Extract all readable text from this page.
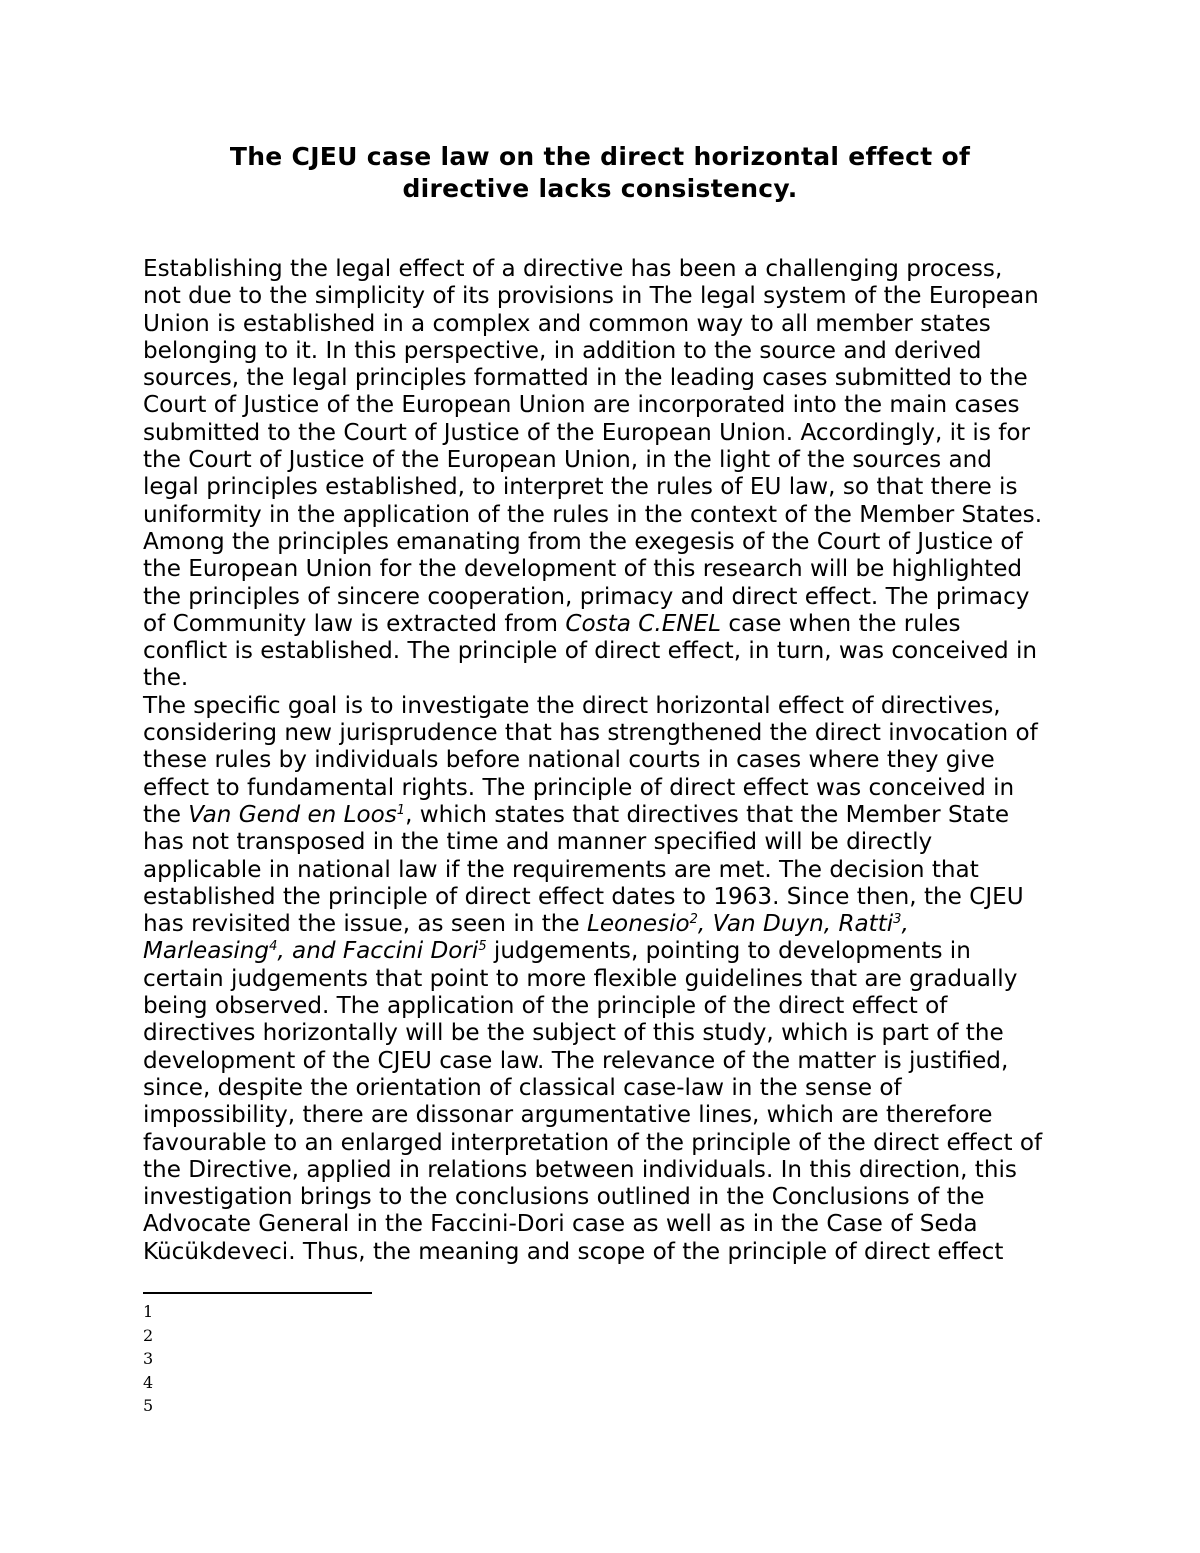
The CJEU case law on the direct horizontal effect of
directive lacks consistency.
Establishing the legal effect of a directive has been a challenging process,
not due to the simplicity of its provisions in The legal system of the European
Union is established in a complex and common way to all member states
belonging to it. In this perspective, in addition to the source and derived
sources, the legal principles formatted in the leading cases submitted to the
Court of Justice of the European Union are incorporated into the main cases
submitted to the Court of Justice of the European Union. Accordingly, it is for
the Court of Justice of the European Union, in the light of the sources and
legal principles established, to interpret the rules of EU law, so that there is
uniformity in the application of the rules in the context of the Member States.
Among the principles emanating from the exegesis of the Court of Justice of
the European Union for the development of this research will be highlighted
the principles of sincere cooperation, primacy and direct effect. The primacy
of Community law is extracted from Costa C.ENEL case when the rules
conflict is established. The principle of direct effect, in turn, was conceived in
the.
The specific goal is to investigate the direct horizontal effect of directives,
considering new jurisprudence that has strengthened the direct invocation of
these rules by individuals before national courts in cases where they give
effect to fundamental rights. The principle of direct effect was conceived in
the Van Gend en Loos$^1$, which states that directives that the Member State
has not transposed in the time and manner specified will be directly
applicable in national law if the requirements are met. The decision that
established the principle of direct effect dates to 1963. Since then, the CJEU
has revisited the issue, as seen in the Leonesio$^2$, Van Duyn, Ratti$^3$,
Marleasing$^4$, and Faccini Dori$^5$ judgements, pointing to developments in
certain judgements that point to more flexible guidelines that are gradually
being observed. The application of the principle of the direct effect of
directives horizontally will be the subject of this study, which is part of the
development of the CJEU case law. The relevance of the matter is justified,
since, despite the orientation of classical case-law in the sense of
impossibility, there are dissonar argumentative lines, which are therefore
favourable to an enlarged interpretation of the principle of the direct effect of
the Directive, applied in relations between individuals. In this direction, this
investigation brings to the conclusions outlined in the Conclusions of the
Advocate General in the Faccini-Dori case as well as in the Case of Seda
Kücükdeveci. Thus, the meaning and scope of the principle of direct effect
1
2
3
4
5
